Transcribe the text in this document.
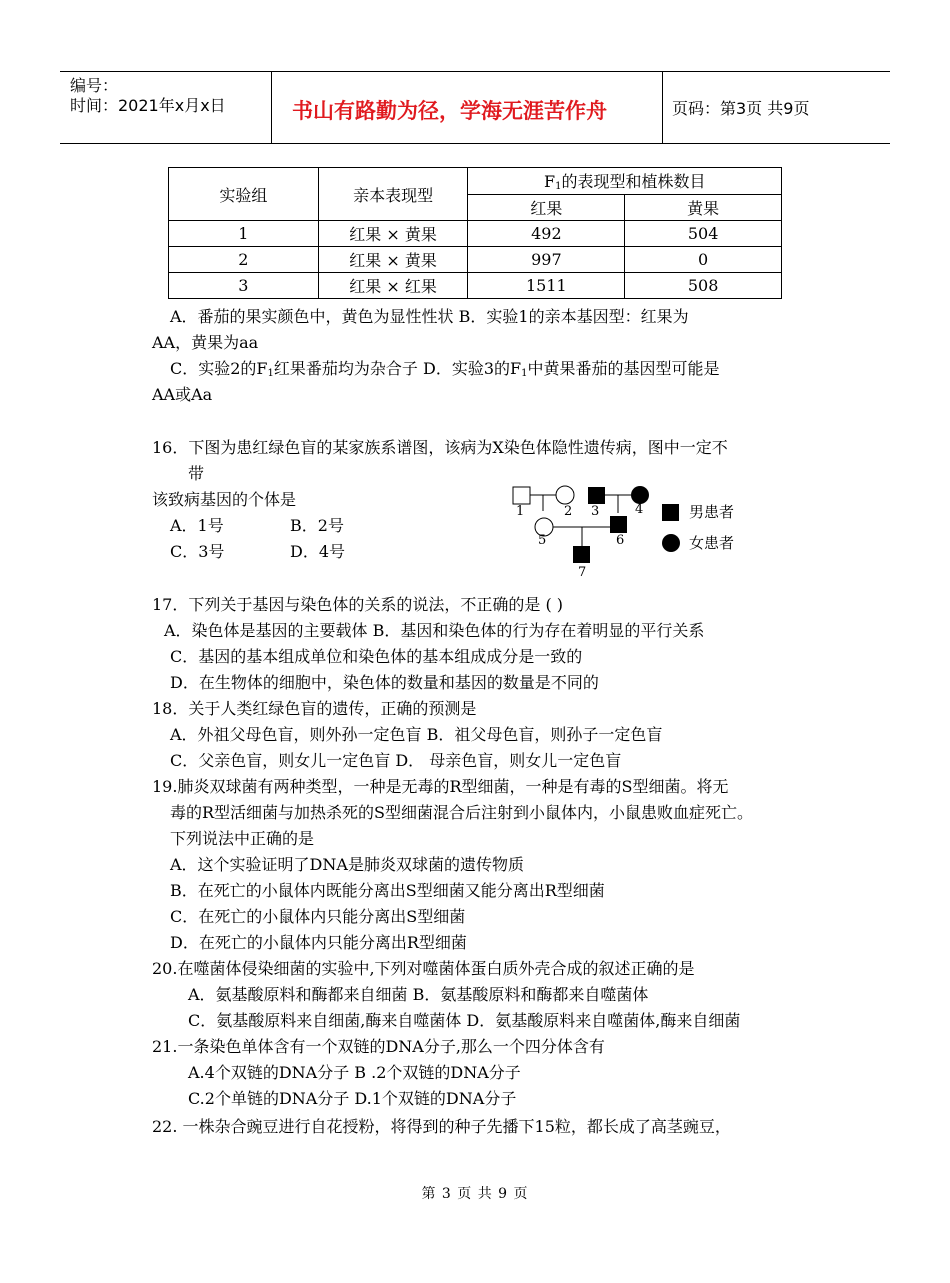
编号：
时间：2021年x月x日	书山有路勤为径，学海无涯苦作舟	页码：第3页 共9页
实验组	亲本表现型	$F_1$的表现型和植株数目	
		红果	黄果
1	红果 × 黄果	492	504
2	红果 × 黄果	997	0
3	红果 × 红果	1511	508
A．番茄的果实颜色中，黄色为显性性状 B．实验1的亲本基因型：红果为
AA，黄果为aa
C．实验2的$F_1$红果番茄均为杂合子 D．实验3的$F_1$中黄果番茄的基因型可能是
AA或Aa
16．下图为患红绿色盲的某家族系谱图，该病为X染色体隐性遗传病，图中一定不
带
该致病基因的个体是
A．1号	B．2号
C．3号	D．4号
1	2 3	4
5	6
7
男患者
女患者
17．下列关于基因与染色体的关系的说法，不正确的是 ( )
A．染色体是基因的主要载体 B．基因和染色体的行为存在着明显的平行关系
C．基因的基本组成单位和染色体的基本组成成分是一致的
D．在生物体的细胞中，染色体的数量和基因的数量是不同的
18．关于人类红绿色盲的遗传，正确的预测是
A．外祖父母色盲，则外孙一定色盲 B．祖父母色盲，则孙子一定色盲
C．父亲色盲，则女儿一定色盲 D． 母亲色盲，则女儿一定色盲
19.肺炎双球菌有两种类型，一种是无毒的R型细菌，一种是有毒的S型细菌。将无
毒的R型活细菌与加热杀死的S型细菌混合后注射到小鼠体内，小鼠患败血症死亡。
下列说法中正确的是
A．这个实验证明了DNA是肺炎双球菌的遗传物质
B．在死亡的小鼠体内既能分离出S型细菌又能分离出R型细菌
C．在死亡的小鼠体内只能分离出S型细菌
D．在死亡的小鼠体内只能分离出R型细菌
20.在噬菌体侵染细菌的实验中,下列对噬菌体蛋白质外壳合成的叙述正确的是
A．氨基酸原料和酶都来自细菌 B．氨基酸原料和酶都来自噬菌体
C．氨基酸原料来自细菌,酶来自噬菌体 D．氨基酸原料来自噬菌体,酶来自细菌
21.一条染色单体含有一个双链的DNA分子,那么一个四分体含有
A.4个双链的DNA分子 B .2个双链的DNA分子
C.2个单链的DNA分子 D.1个双链的DNA分子
22. 一株杂合豌豆进行自花授粉，将得到的种子先播下15粒，都长成了高茎豌豆，
第 3 页 共 9 页
